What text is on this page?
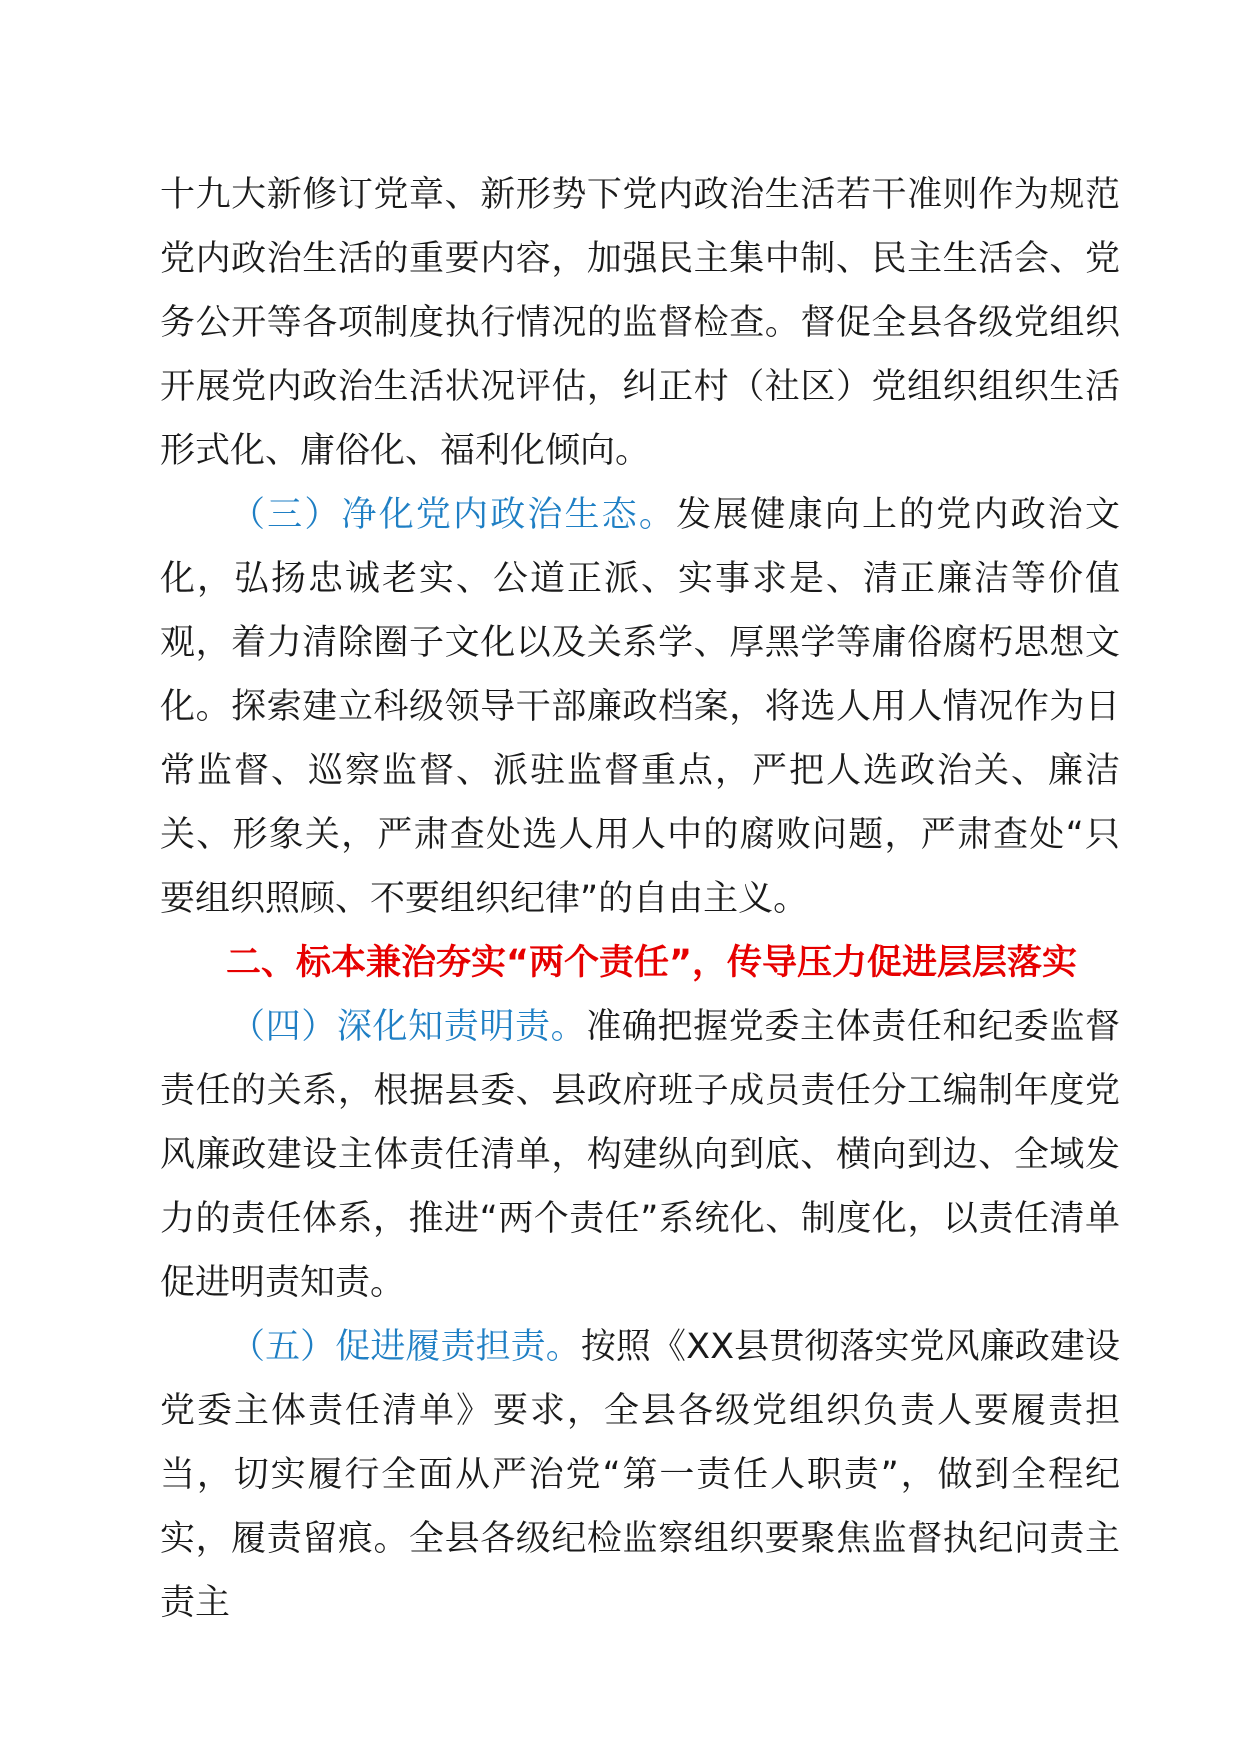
十九大新修订党章、新形势下党内政治生活若干准则作为规范党内政治生活的重要内容，加强民主集中制、民主生活会、党务公开等各项制度执行情况的监督检查。督促全县各级党组织开展党内政治生活状况评估，纠正村（社区）党组织组织生活形式化、庸俗化、福利化倾向。

（三）净化党内政治生态。发展健康向上的党内政治文化，弘扬忠诚老实、公道正派、实事求是、清正廉洁等价值观，着力清除圈子文化以及关系学、厚黑学等庸俗腐朽思想文化。探索建立科级领导干部廉政档案，将选人用人情况作为日常监督、巡察监督、派驻监督重点，严把人选政治关、廉洁关、形象关，严肃查处选人用人中的腐败问题，严肃查处“只要组织照顾、不要组织纪律”的自由主义。

二、标本兼治夯实“两个责任”，传导压力促进层层落实

（四）深化知责明责。准确把握党委主体责任和纪委监督责任的关系，根据县委、县政府班子成员责任分工编制年度党风廉政建设主体责任清单，构建纵向到底、横向到边、全域发力的责任体系，推进“两个责任”系统化、制度化，以责任清单促进明责知责。

（五）促进履责担责。按照《XX县贯彻落实党风廉政建设党委主体责任清单》要求，全县各级党组织负责人要履责担当，切实履行全面从严治党“第一责任人职责”，做到全程纪实，履责留痕。全县各级纪检监察组织要聚焦监督执纪问责主责主
